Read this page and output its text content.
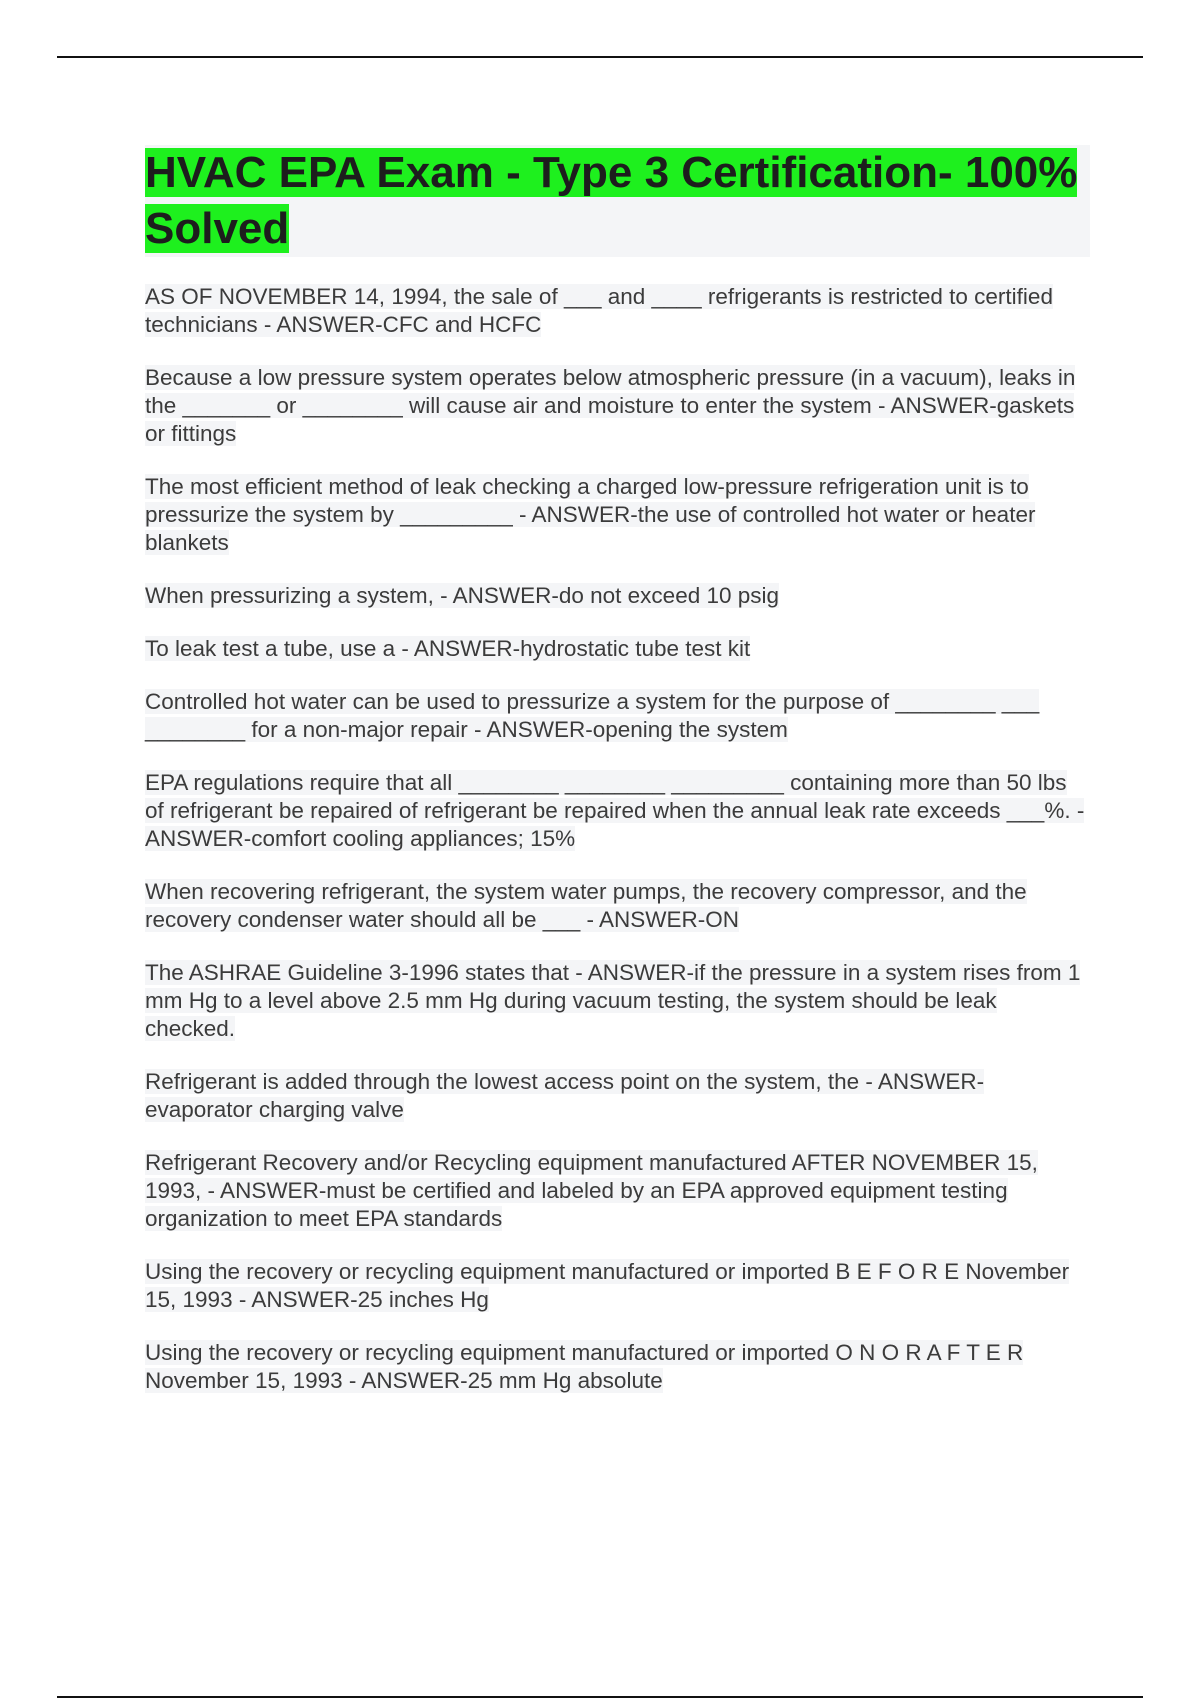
HVAC EPA Exam - Type 3 Certification- 100% Solved

AS OF NOVEMBER 14, 1994, the sale of ___ and ____ refrigerants is restricted to certified technicians - ANSWER-CFC and HCFC

Because a low pressure system operates below atmospheric pressure (in a vacuum), leaks in the _______ or ________ will cause air and moisture to enter the system - ANSWER-gaskets or fittings

The most efficient method of leak checking a charged low-pressure refrigeration unit is to pressurize the system by _________ - ANSWER-the use of controlled hot water or heater blankets

When pressurizing a system, - ANSWER-do not exceed 10 psig

To leak test a tube, use a - ANSWER-hydrostatic tube test kit

Controlled hot water can be used to pressurize a system for the purpose of ________ ___ ________ for a non-major repair - ANSWER-opening the system

EPA regulations require that all ________ ________ _________ containing more than 50 lbs of refrigerant be repaired of refrigerant be repaired when the annual leak rate exceeds ___%. - ANSWER-comfort cooling appliances; 15%

When recovering refrigerant, the system water pumps, the recovery compressor, and the recovery condenser water should all be ___ - ANSWER-ON

The ASHRAE Guideline 3-1996 states that - ANSWER-if the pressure in a system rises from 1 mm Hg to a level above 2.5 mm Hg during vacuum testing, the system should be leak checked.

Refrigerant is added through the lowest access point on the system, the - ANSWER-evaporator charging valve

Refrigerant Recovery and/or Recycling equipment manufactured AFTER NOVEMBER 15, 1993, - ANSWER-must be certified and labeled by an EPA approved equipment testing organization to meet EPA standards

Using the recovery or recycling equipment manufactured or imported B E F O R E November 15, 1993 - ANSWER-25 inches Hg

Using the recovery or recycling equipment manufactured or imported O N O R A F T E R November 15, 1993 - ANSWER-25 mm Hg absolute
